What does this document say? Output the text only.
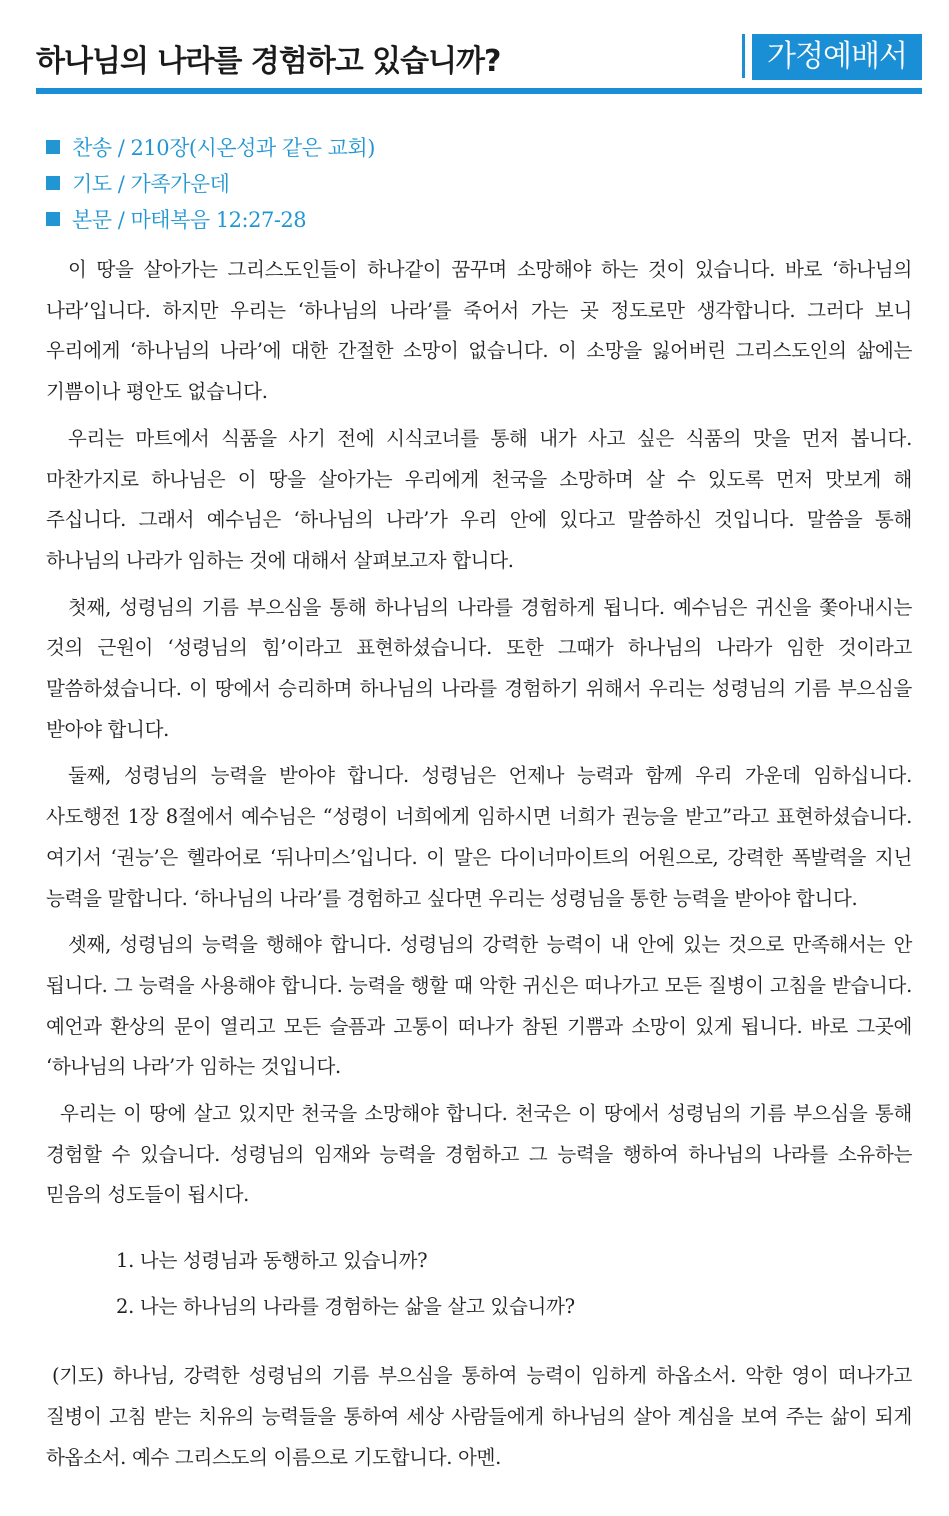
하나님의 나라를 경험하고 있습니까?	가정예배서
찬송 / 210장(시온성과 같은 교회)
기도 / 가족가운데
본문 / 마태복음 12:27-28

이 땅을 살아가는 그리스도인들이 하나같이 꿈꾸며 소망해야 하는 것이 있습니다. 바로 ‘하나님의 나라’입니다. 하지만 우리는 ‘하나님의 나라’를 죽어서 가는 곳 정도로만 생각합니다. 그러다 보니 우리에게 ‘하나님의 나라’에 대한 간절한 소망이 없습니다. 이 소망을 잃어버린 그리스도인의 삶에는 기쁨이나 평안도 없습니다.

우리는 마트에서 식품을 사기 전에 시식코너를 통해 내가 사고 싶은 식품의 맛을 먼저 봅니다. 마찬가지로 하나님은 이 땅을 살아가는 우리에게 천국을 소망하며 살 수 있도록 먼저 맛보게 해 주십니다. 그래서 예수님은 ‘하나님의 나라’가 우리 안에 있다고 말씀하신 것입니다. 말씀을 통해 하나님의 나라가 임하는 것에 대해서 살펴보고자 합니다.

첫째, 성령님의 기름 부으심을 통해 하나님의 나라를 경험하게 됩니다. 예수님은 귀신을 쫓아내시는 것의 근원이 ‘성령님의 힘’이라고 표현하셨습니다. 또한 그때가 하나님의 나라가 임한 것이라고 말씀하셨습니다. 이 땅에서 승리하며 하나님의 나라를 경험하기 위해서 우리는 성령님의 기름 부으심을 받아야 합니다.

둘째, 성령님의 능력을 받아야 합니다. 성령님은 언제나 능력과 함께 우리 가운데 임하십니다. 사도행전 1장 8절에서 예수님은 “성령이 너희에게 임하시면 너희가 권능을 받고”라고 표현하셨습니다. 여기서 ‘권능’은 헬라어로 ‘뒤나미스’입니다. 이 말은 다이너마이트의 어원으로, 강력한 폭발력을 지닌 능력을 말합니다. ‘하나님의 나라’를 경험하고 싶다면 우리는 성령님을 통한 능력을 받아야 합니다.

셋째, 성령님의 능력을 행해야 합니다. 성령님의 강력한 능력이 내 안에 있는 것으로 만족해서는 안 됩니다. 그 능력을 사용해야 합니다. 능력을 행할 때 악한 귀신은 떠나가고 모든 질병이 고침을 받습니다. 예언과 환상의 문이 열리고 모든 슬픔과 고통이 떠나가 참된 기쁨과 소망이 있게 됩니다. 바로 그곳에 ‘하나님의 나라’가 임하는 것입니다.

우리는 이 땅에 살고 있지만 천국을 소망해야 합니다. 천국은 이 땅에서 성령님의 기름 부으심을 통해 경험할 수 있습니다. 성령님의 임재와 능력을 경험하고 그 능력을 행하여 하나님의 나라를 소유하는 믿음의 성도들이 됩시다.

1. 나는 성령님과 동행하고 있습니까?
2. 나는 하나님의 나라를 경험하는 삶을 살고 있습니까?
(기도) 하나님, 강력한 성령님의 기름 부으심을 통하여 능력이 임하게 하옵소서. 악한 영이 떠나가고 질병이 고침 받는 치유의 능력들을 통하여 세상 사람들에게 하나님의 살아 계심을 보여 주는 삶이 되게 하옵소서. 예수 그리스도의 이름으로 기도합니다. 아멘.
